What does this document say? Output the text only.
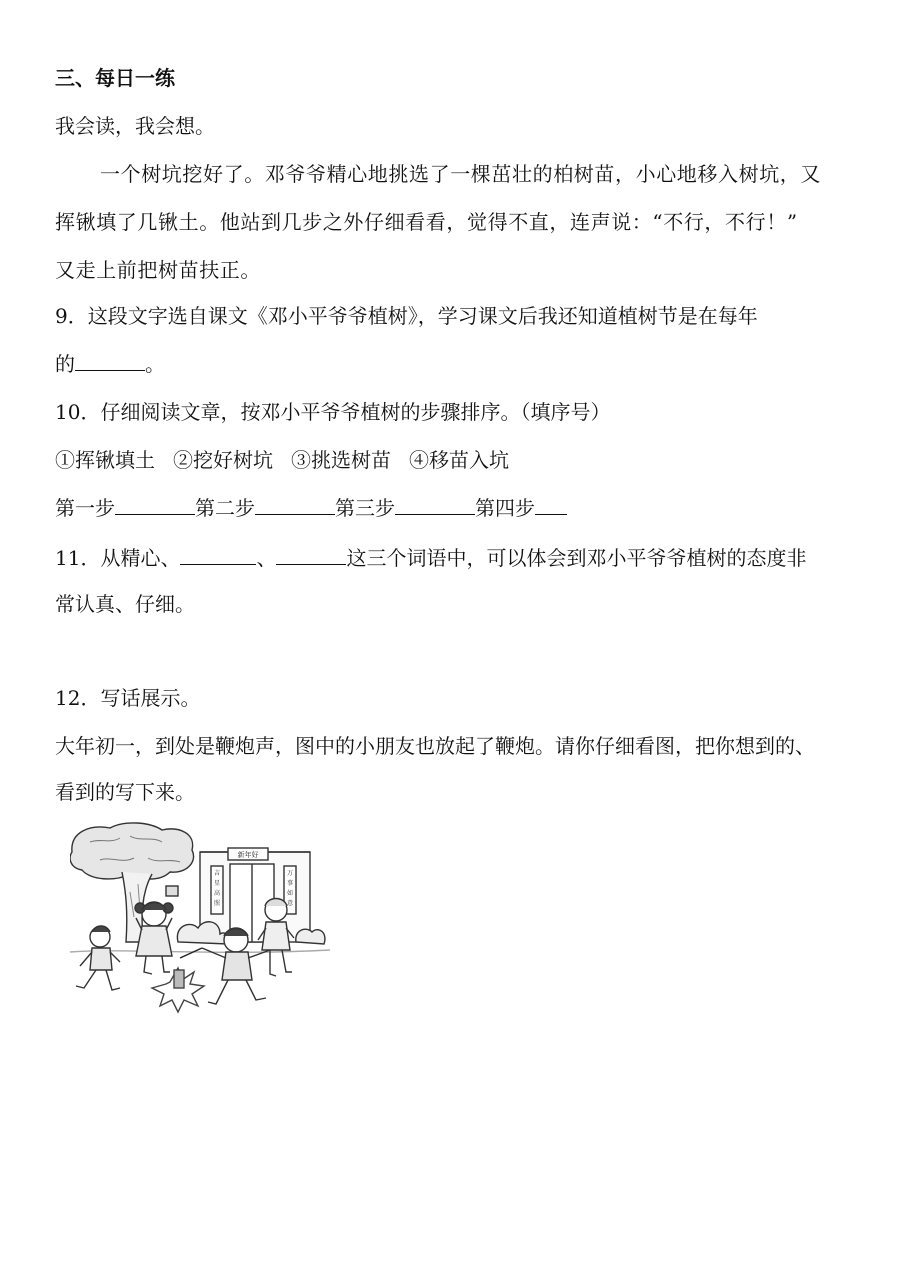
三、每日一练
我会读，我会想。
一个树坑挖好了。邓爷爷精心地挑选了一棵茁壮的柏树苗，小心地移入树坑，又
挥锹填了几锹土。他站到几步之外仔细看看，觉得不直，连声说：“不行，不行！”
又走上前把树苗扶正。
9．这段文字选自课文《邓小平爷爷植树》，学习课文后我还知道植树节是在每年
的	。
10．仔细阅读文章，按邓小平爷爷植树的步骤排序。（填序号）
①挥锹填土 ②挖好树坑 ③挑选树苗 ④移苗入坑
第一步	第二步	第三步	第四步
11．从精心、	、	这三个词语中，可以体会到邓小平爷爷植树的态度非
常认真、仔细。
12．写话展示。
大年初一，到处是鞭炮声，图中的小朋友也放起了鞭炮。请你仔细看图，把你想到的、
看到的写下来。
新年好
吉
星
高
照
万
事
如
意
